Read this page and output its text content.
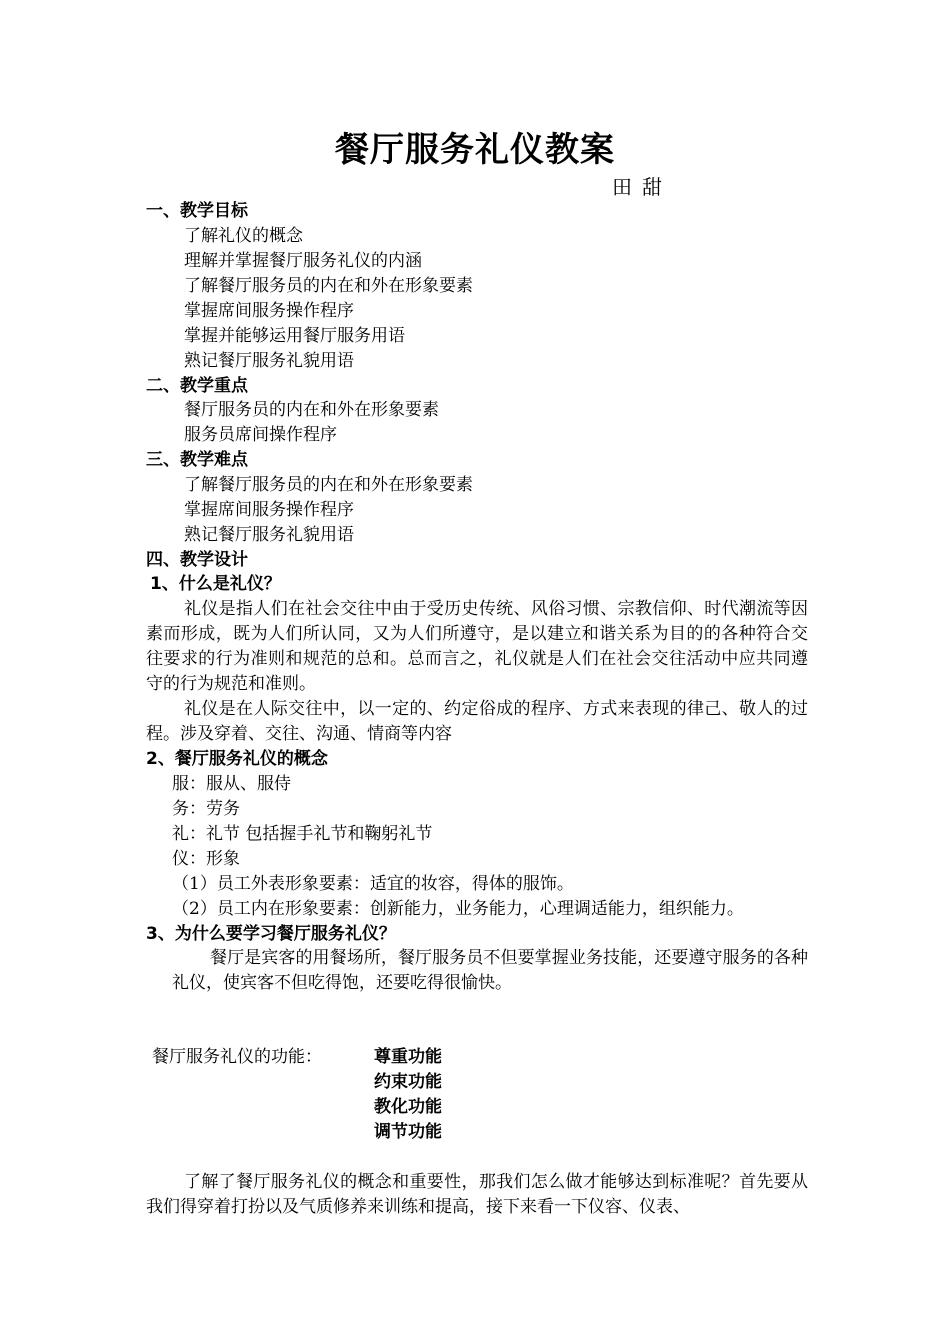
餐厅服务礼仪教案
田甜
一、教学目标
了解礼仪的概念
理解并掌握餐厅服务礼仪的内涵
了解餐厅服务员的内在和外在形象要素
掌握席间服务操作程序
掌握并能够运用餐厅服务用语
熟记餐厅服务礼貌用语
二、教学重点
餐厅服务员的内在和外在形象要素
服务员席间操作程序
三、教学难点
了解餐厅服务员的内在和外在形象要素
掌握席间服务操作程序
熟记餐厅服务礼貌用语
四、教学设计
1、什么是礼仪？
礼仪是指人们在社会交往中由于受历史传统、风俗习惯、宗教信仰、时代潮流等因素而形成，既为人们所认同，又为人们所遵守，是以建立和谐关系为目的的各种符合交往要求的行为准则和规范的总和。总而言之，礼仪就是人们在社会交往活动中应共同遵守的行为规范和准则。
礼仪是在人际交往中，以一定的、约定俗成的程序、方式来表现的律己、敬人的过程。涉及穿着、交往、沟通、情商等内容
2、餐厅服务礼仪的概念
服：服从、服侍
务：劳务
礼：礼节 包括握手礼节和鞠躬礼节
仪：形象
（1）员工外表形象要素：适宜的妆容，得体的服饰。
（2）员工内在形象要素：创新能力，业务能力，心理调适能力，组织能力。
3、为什么要学习餐厅服务礼仪？
餐厅是宾客的用餐场所，餐厅服务员不但要掌握业务技能，还要遵守服务的各种礼仪，使宾客不但吃得饱，还要吃得很愉快。
餐厅服务礼仪的功能：	尊重功能
约束功能
教化功能
调节功能
了解了餐厅服务礼仪的概念和重要性，那我们怎么做才能够达到标准呢？首先要从我们得穿着打扮以及气质修养来训练和提高，接下来看一下仪容、仪表、
